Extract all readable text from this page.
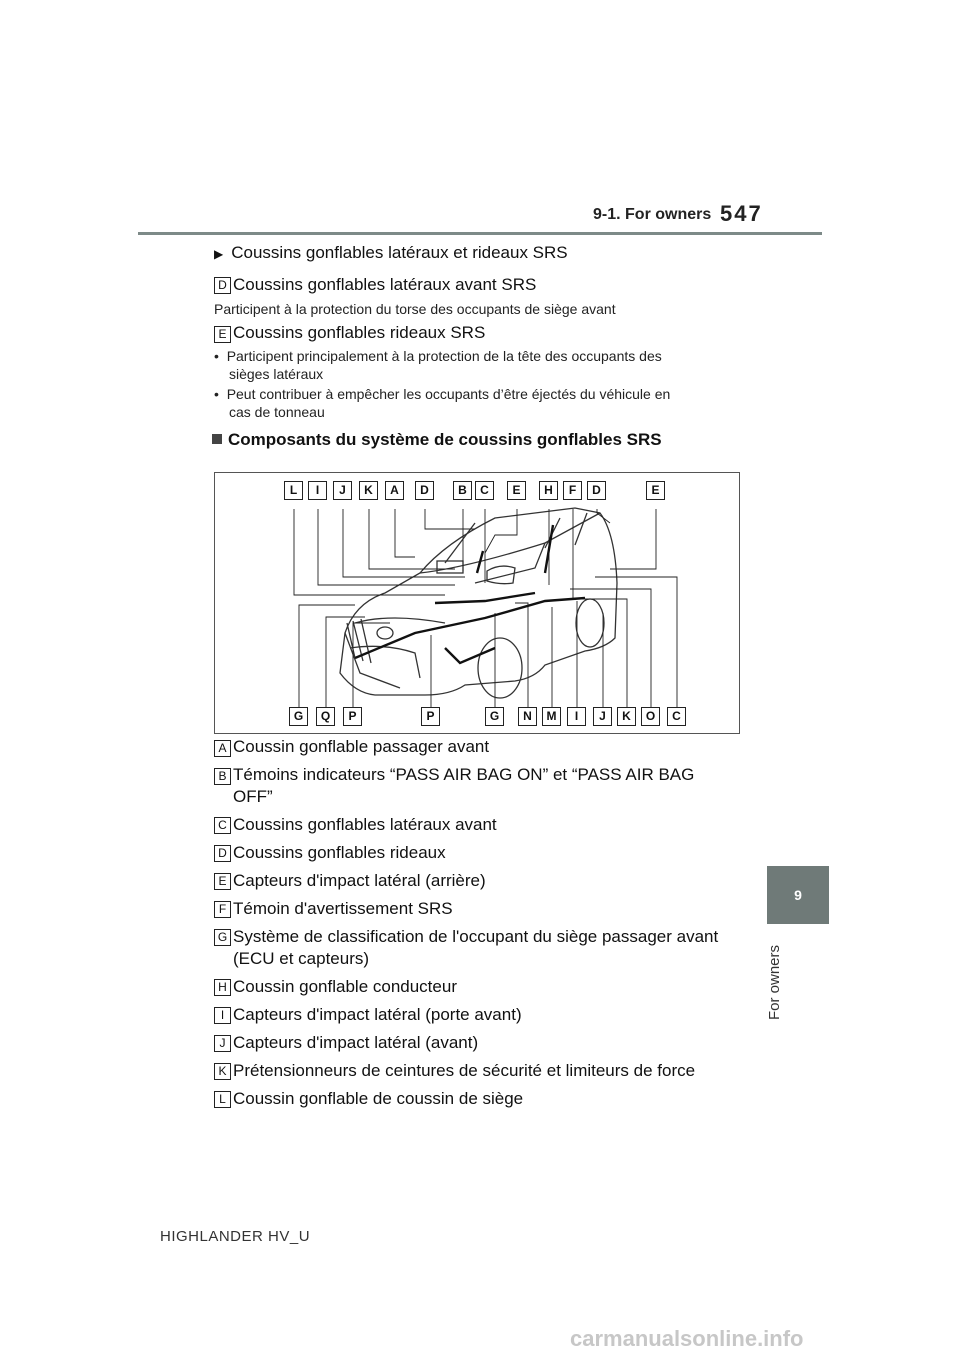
9-1. For owners 547
9
For owners
▶ Coussins gonflables latéraux et rideaux SRS
D Coussins gonflables latéraux avant SRS
Participent à la protection du torse des occupants de siège avant
E Coussins gonflables rideaux SRS
•  Participent principalement à la protection de la tête des occupants des
sièges latéraux
•  Peut contribuer à empêcher les occupants d’être éjectés du véhicule en
cas de tonneau
Composants du système de coussins gonflables SRS
L	I	J	K	A	D	B	C	E	H	F	D	E
G	Q	P	P	G	N	M	I	J	K	O	C
A Coussin gonflable passager avant
B Témoins indicateurs “PASS AIR BAG ON” et “PASS AIR BAG
OFF”
C Coussins gonflables latéraux avant
D Coussins gonflables rideaux
E Capteurs d'impact latéral (arrière)
F Témoin d'avertissement SRS
G Système de classification de l'occupant du siège passager avant
(ECU et capteurs)
H Coussin gonflable conducteur
I Capteurs d'impact latéral (porte avant)
J Capteurs d'impact latéral (avant)
K Prétensionneurs de ceintures de sécurité et limiteurs de force
L Coussin gonflable de coussin de siège
HIGHLANDER HV_U
carmanualsonline.info
